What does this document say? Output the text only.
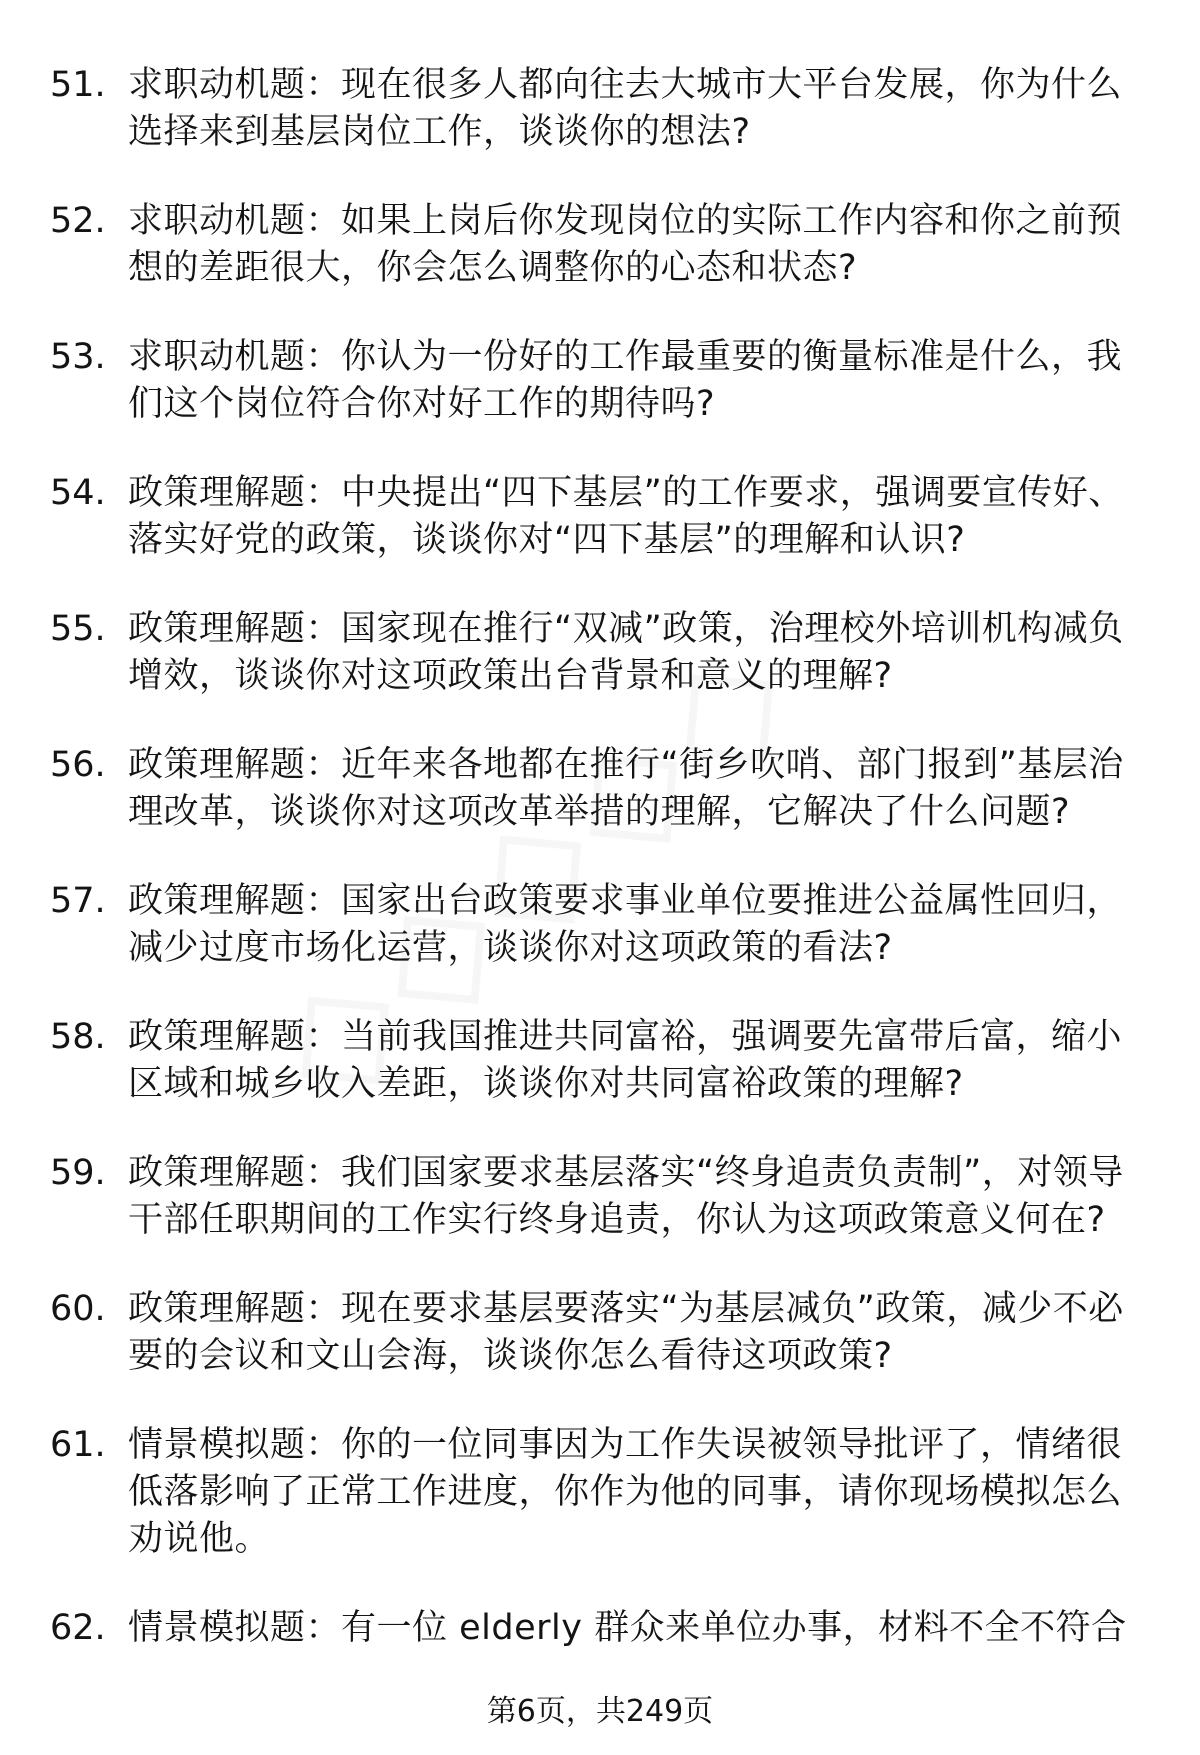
51. 求职动机题：现在很多人都向往去大城市大平台发展，你为什么选择来到基层岗位工作，谈谈你的想法?
52. 求职动机题：如果上岗后你发现岗位的实际工作内容和你之前预想的差距很大，你会怎么调整你的心态和状态?
53. 求职动机题：你认为一份好的工作最重要的衡量标准是什么，我们这个岗位符合你对好工作的期待吗?
54. 政策理解题：中央提出“四下基层”的工作要求，强调要宣传好、落实好党的政策，谈谈你对“四下基层”的理解和认识?
55. 政策理解题：国家现在推行“双减”政策，治理校外培训机构减负增效，谈谈你对这项政策出台背景和意义的理解?
56. 政策理解题：近年来各地都在推行“街乡吹哨、部门报到”基层治理改革，谈谈你对这项改革举措的理解，它解决了什么问题?
57. 政策理解题：国家出台政策要求事业单位要推进公益属性回归，减少过度市场化运营，谈谈你对这项政策的看法?
58. 政策理解题：当前我国推进共同富裕，强调要先富带后富，缩小区域和城乡收入差距，谈谈你对共同富裕政策的理解?
59. 政策理解题：我们国家要求基层落实“终身追责负责制”，对领导干部任职期间的工作实行终身追责，你认为这项政策意义何在?
60. 政策理解题：现在要求基层要落实“为基层减负”政策，减少不必要的会议和文山会海，谈谈你怎么看待这项政策?
61. 情景模拟题：你的一位同事因为工作失误被领导批评了，情绪很低落影响了正常工作进度，你作为他的同事，请你现场模拟怎么劝说他。
62. 情景模拟题：有一位 elderly 群众来单位办事，材料不全不符合
第6页，共249页
